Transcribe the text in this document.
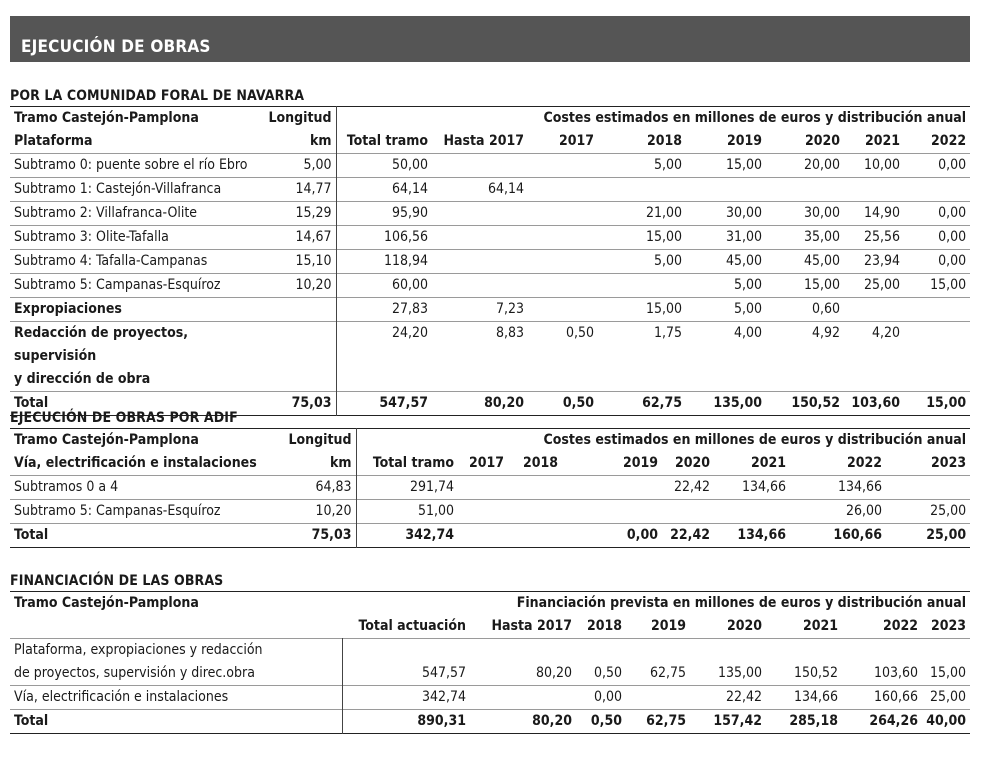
EJECUCIÓN DE OBRAS
POR LA COMUNIDAD FORAL DE NAVARRA
Tramo Castejón-Pamplona	Longitud	Costes estimados en millones de euros y distribución anual							
Plataforma	km	Total tramo	Hasta 2017	2017	2018	2019	2020	2021	2022
Subtramo 0: puente sobre el río Ebro	5,00	50,00			5,00	15,00	20,00	10,00	0,00
Subtramo 1: Castejón-Villafranca	14,77	64,14	64,14						
Subtramo 2: Villafranca-Olite	15,29	95,90			21,00	30,00	30,00	14,90	0,00
Subtramo 3: Olite-Tafalla	14,67	106,56			15,00	31,00	35,00	25,56	0,00
Subtramo 4: Tafalla-Campanas	15,10	118,94			5,00	45,00	45,00	23,94	0,00
Subtramo 5: Campanas-Esquíroz	10,20	60,00				5,00	15,00	25,00	15,00
Expropiaciones		27,83	7,23		15,00	5,00	0,60		
Redacción de proyectos, supervisión
y dirección de obra		24,20	8,83	0,50	1,75	4,00	4,92	4,20	
Total	75,03	547,57	80,20	0,50	62,75	135,00	150,52	103,60	15,00
EJECUCIÓN DE OBRAS POR ADIF
Tramo Castejón-Pamplona	Longitud	Costes estimados en millones de euros y distribución anual							
Vía, electrificación e instalaciones	km	Total tramo	2017	2018	2019	2020	2021	2022	2023
Subtramos 0 a 4	64,83	291,74				22,42	134,66	134,66	
Subtramo 5: Campanas-Esquíroz	10,20	51,00						26,00	25,00
Total	75,03	342,74			0,00	22,42	134,66	160,66	25,00
FINANCIACIÓN DE LAS OBRAS
Tramo Castejón-Pamplona	Financiación prevista en millones de euros y distribución anual							
	Total actuación	Hasta 2017	2018	2019	2020	2021	2022	2023
Plataforma, expropiaciones y redacción
de proyectos, supervisión y direc.obra	547,57	80,20	0,50	62,75	135,00	150,52	103,60	15,00
Vía, electrificación e instalaciones	342,74		0,00		22,42	134,66	160,66	25,00
Total	890,31	80,20	0,50	62,75	157,42	285,18	264,26	40,00
